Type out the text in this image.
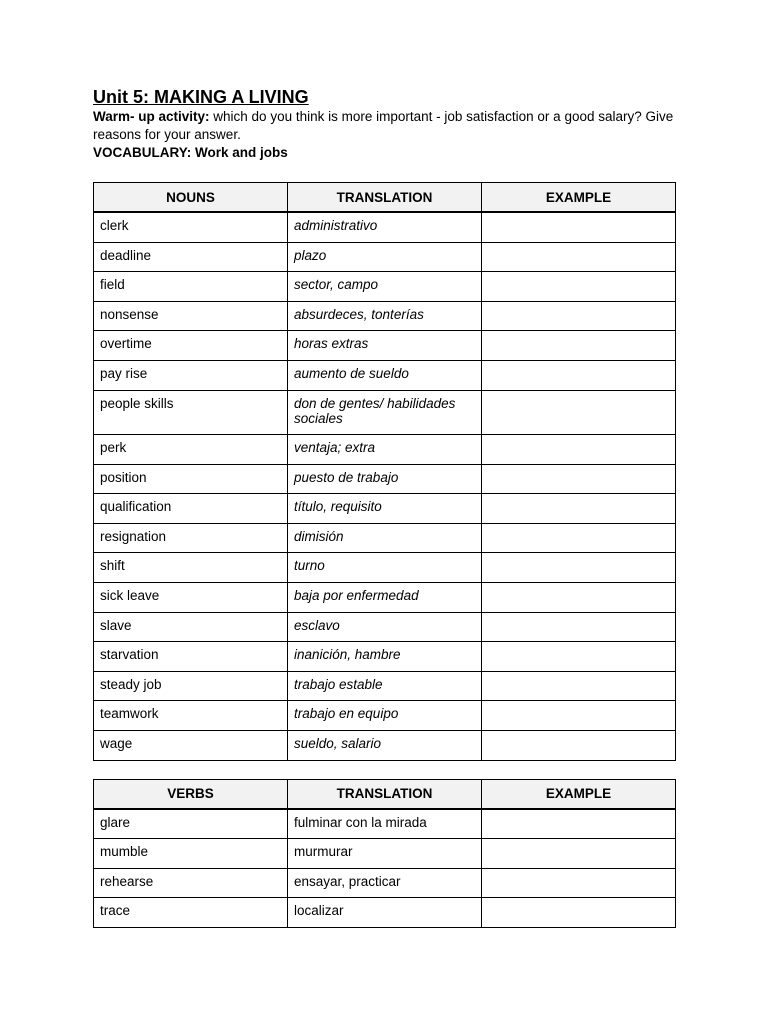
Unit 5: MAKING A LIVING

Warm- up activity: which do you think is more important - job satisfaction or a good salary? Give reasons for your answer.

VOCABULARY: Work and jobs

NOUNS	TRANSLATION	EXAMPLE
clerk	administrativo	
deadline	plazo	
field	sector, campo	
nonsense	absurdeces, tonterías	
overtime	horas extras	
pay rise	aumento de sueldo	
people skills	don de gentes/ habilidades sociales	
perk	ventaja; extra	
position	puesto de trabajo	
qualification	título, requisito	
resignation	dimisión	
shift	turno	
sick leave	baja por enfermedad	
slave	esclavo	
starvation	inanición, hambre	
steady job	trabajo estable	
teamwork	trabajo en equipo	
wage	sueldo, salario	
VERBS	TRANSLATION	EXAMPLE
glare	fulminar con la mirada	
mumble	murmurar	
rehearse	ensayar, practicar	
trace	localizar	
